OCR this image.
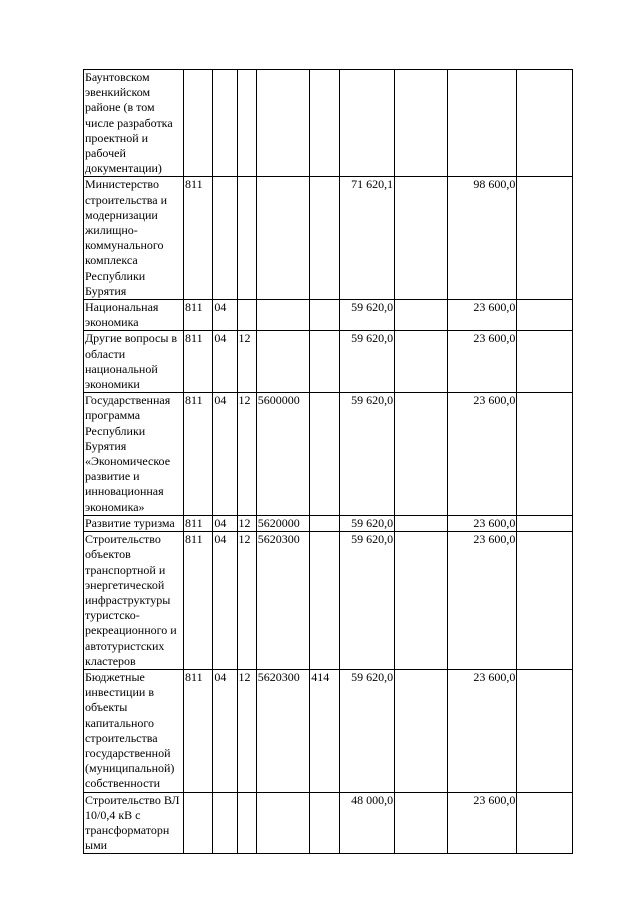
Баунтовском эвенкийском районе (в том числе разработка проектной и рабочей документации)									
Министерство строительства и модернизации жилищно-коммунального комплекса Республики Бурятия	811					71 620,1		98 600,0	
Национальная экономика	811	04				59 620,0		23 600,0	
Другие вопросы в области национальной экономики	811	04	12			59 620,0		23 600,0	
Государственная программа Республики Бурятия «Экономическое развитие и инновационная экономика»	811	04	12	5600000		59 620,0		23 600,0	
Развитие туризма	811	04	12	5620000		59 620,0		23 600,0	
Строительство объектов транспортной и энергетической инфраструктуры туристско-рекреационного и автотуристских кластеров	811	04	12	5620300		59 620,0		23 600,0	
Бюджетные инвестиции в объекты капитального строительства государственной (муниципальной) собственности	811	04	12	5620300	414	59 620,0		23 600,0	
Строительство ВЛ 10/0,4 кВ с трансформаторн ыми						48 000,0		23 600,0	
